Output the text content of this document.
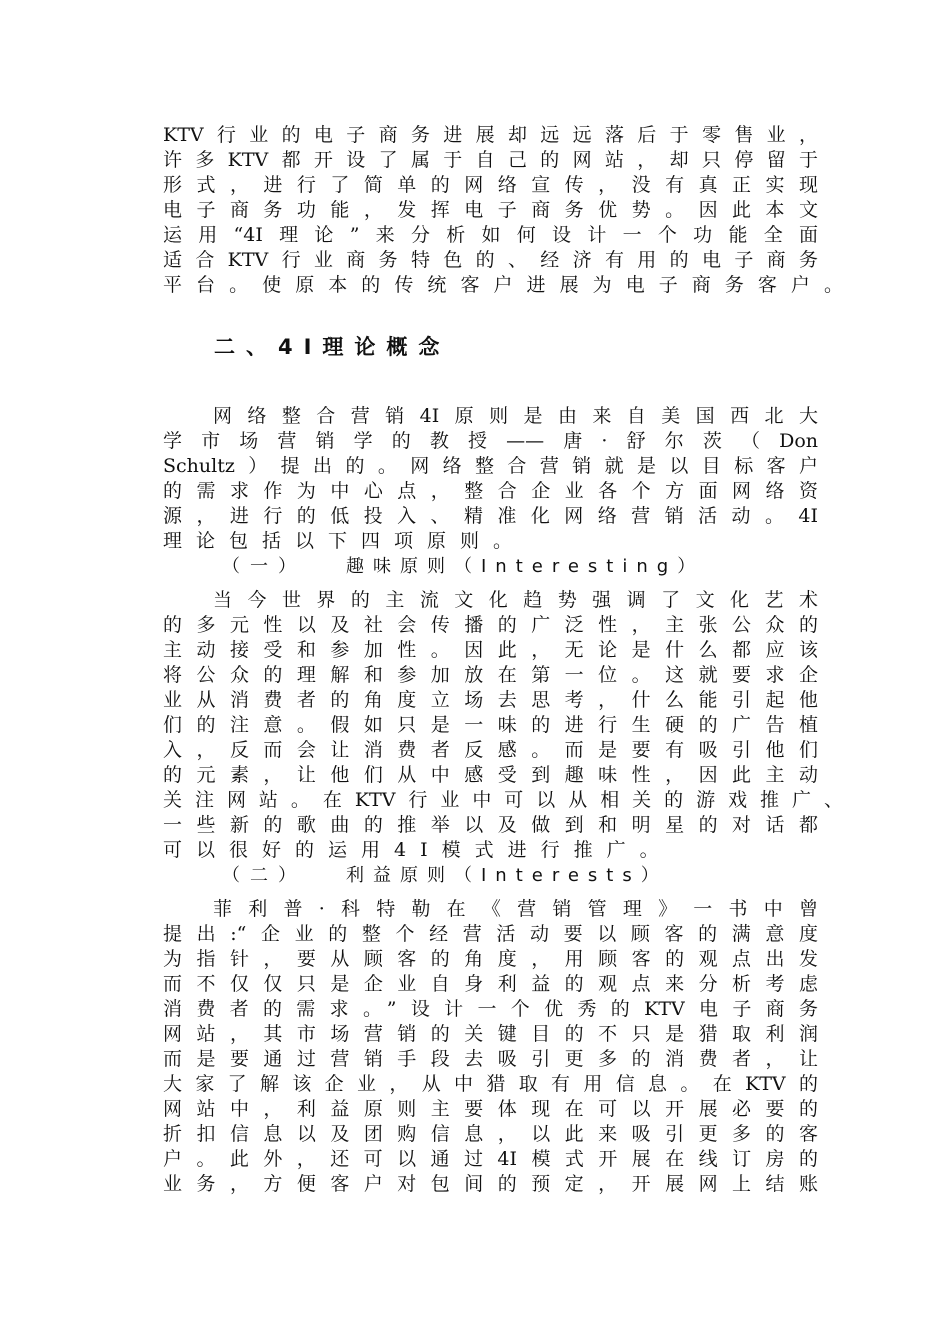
KTV行业的电子商务进展却远远落后于零售业，
许多KTV都开设了属于自己的网站，却只停留于
形式，进行了简单的网络宣传，没有真正实现
电子商务功能，发挥电子商务优势。因此本文
运用“4I理论”来分析如何设计一个功能全面
适合KTV行业商务特色的、经济有用的电子商务
平台。使原本的传统客户进展为电子商务客户。
二、4I理论概念
网络整合营销4I原则是由来自美国西北大
学市场营销学的教授——唐·舒尔茨（Don
Schultz）提出的。网络整合营销就是以目标客户
的需求作为中心点，整合企业各个方面网络资
源，进行的低投入、精准化网络营销活动。4I
理论包括以下四项原则。
（一） 趣味原则（Interesting）
当今世界的主流文化趋势强调了文化艺术
的多元性以及社会传播的广泛性，主张公众的
主动接受和参加性。因此，无论是什么都应该
将公众的理解和参加放在第一位。这就要求企
业从消费者的角度立场去思考，什么能引起他
们的注意。假如只是一味的进行生硬的广告植
入，反而会让消费者反感。而是要有吸引他们
的元素，让他们从中感受到趣味性，因此主动
关注网站。在KTV行业中可以从相关的游戏推广、
一些新的歌曲的推举以及做到和明星的对话都
可以很好的运用4I模式进行推广。
（二） 利益原则（Interests）
菲利普·科特勒在《营销管理》一书中曾
提出:“企业的整个经营活动要以顾客的满意度
为指针，要从顾客的角度，用顾客的观点出发
而不仅仅只是企业自身利益的观点来分析考虑
消费者的需求。”设计一个优秀的KTV电子商务
网站，其市场营销的关键目的不只是猎取利润
而是要通过营销手段去吸引更多的消费者，让
大家了解该企业，从中猎取有用信息。在KTV的
网站中，利益原则主要体现在可以开展必要的
折扣信息以及团购信息，以此来吸引更多的客
户。此外，还可以通过4I模式开展在线订房的
业务，方便客户对包间的预定，开展网上结账
